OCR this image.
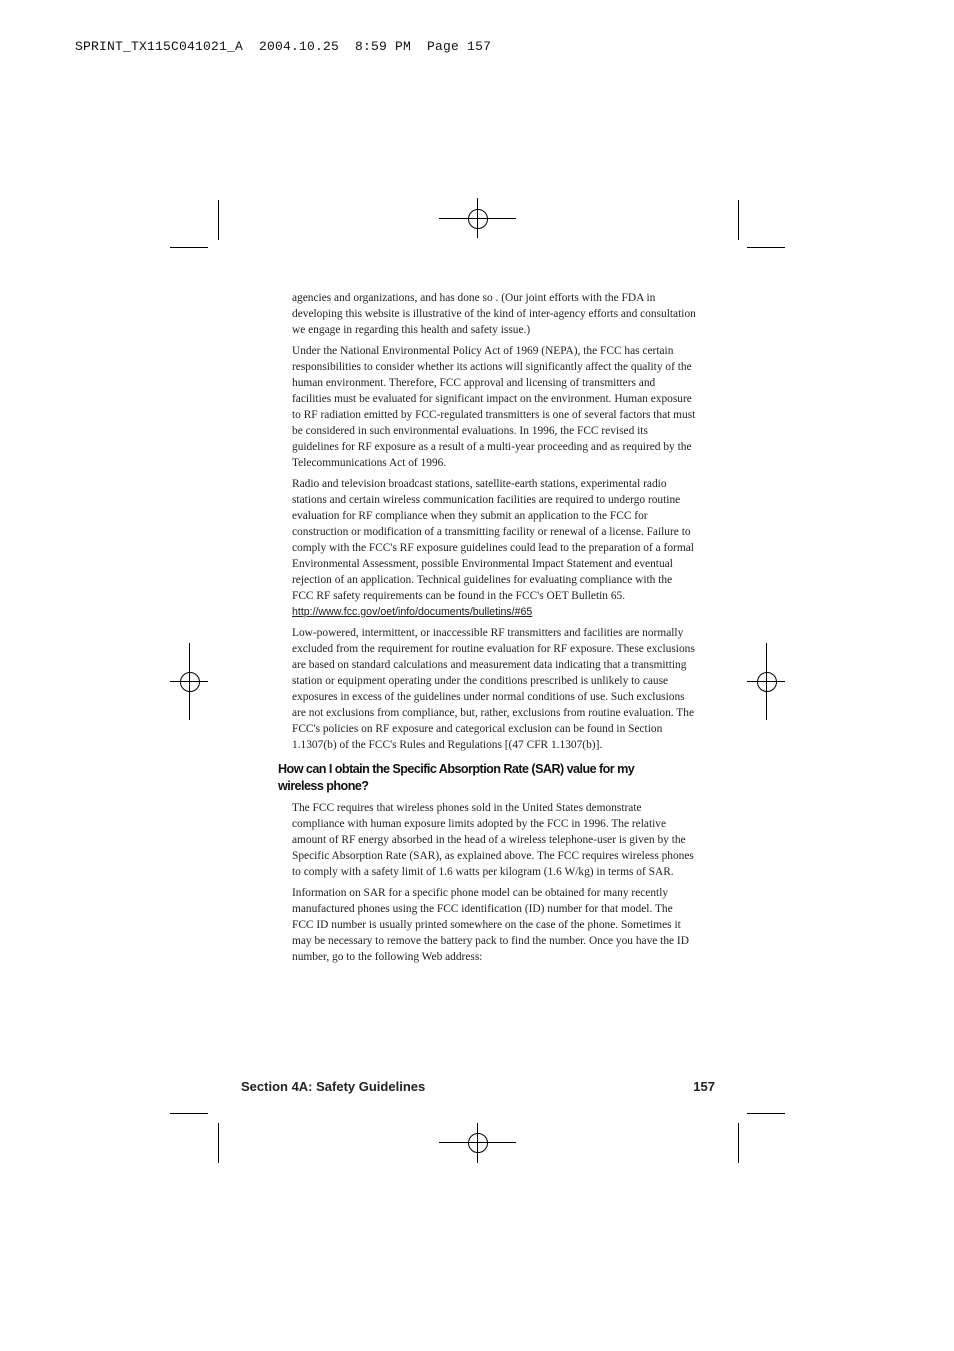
SPRINT_TX115C041021_A  2004.10.25  8:59 PM  Page 157

agencies and organizations, and has done so . (Our joint efforts with the FDA in developing this website is illustrative of the kind of inter-agency efforts and consultation we engage in regarding this health and safety issue.)

Under the National Environmental Policy Act of 1969 (NEPA), the FCC has certain responsibilities to consider whether its actions will significantly affect the quality of the human environment. Therefore, FCC approval and licensing of transmitters and facilities must be evaluated for significant impact on the environment. Human exposure to RF radiation emitted by FCC-regulated transmitters is one of several factors that must be considered in such environmental evaluations. In 1996, the FCC revised its guidelines for RF exposure as a result of a multi-year proceeding and as required by the Telecommunications Act of 1996.

Radio and television broadcast stations, satellite-earth stations, experimental radio stations and certain wireless communication facilities are required to undergo routine evaluation for RF compliance when they submit an application to the FCC for construction or modification of a transmitting facility or renewal of a license. Failure to comply with the FCC's RF exposure guidelines could lead to the preparation of a formal Environmental Assessment, possible Environmental Impact Statement and eventual rejection of an application. Technical guidelines for evaluating compliance with the FCC RF safety requirements can be found in the FCC's OET Bulletin 65.

http://www.fcc.gov/oet/info/documents/bulletins/#65

Low-powered, intermittent, or inaccessible RF transmitters and facilities are normally excluded from the requirement for routine evaluation for RF exposure. These exclusions are based on standard calculations and measurement data indicating that a transmitting station or equipment operating under the conditions prescribed is unlikely to cause exposures in excess of the guidelines under normal conditions of use. Such exclusions are not exclusions from compliance, but, rather, exclusions from routine evaluation. The FCC's policies on RF exposure and categorical exclusion can be found in Section 1.1307(b) of the FCC's Rules and Regulations [(47 CFR 1.1307(b)].

How can I obtain the Specific Absorption Rate (SAR) value for my wireless phone?

The FCC requires that wireless phones sold in the United States demonstrate compliance with human exposure limits adopted by the FCC in 1996. The relative amount of RF energy absorbed in the head of a wireless telephone-user is given by the Specific Absorption Rate (SAR), as explained above. The FCC requires wireless phones to comply with a safety limit of 1.6 watts per kilogram (1.6 W/kg) in terms of SAR.

Information on SAR for a specific phone model can be obtained for many recently manufactured phones using the FCC identification (ID) number for that model. The FCC ID number is usually printed somewhere on the case of the phone. Sometimes it may be necessary to remove the battery pack to find the number. Once you have the ID number, go to the following Web address:

Section 4A: Safety Guidelines	157
